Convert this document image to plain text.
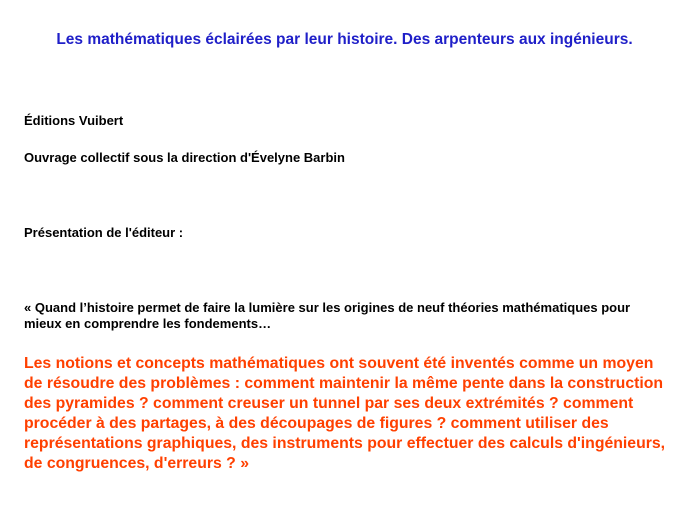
Les mathématiques éclairées par leur histoire. Des arpenteurs aux ingénieurs.

Éditions Vuibert

Ouvrage collectif sous la direction d'Évelyne Barbin

Présentation de l'éditeur :

« Quand l’histoire permet de faire la lumière sur les origines de neuf théories mathématiques pour mieux en comprendre les fondements…

Les notions et concepts mathématiques ont souvent été inventés comme un moyen de résoudre des problèmes : comment maintenir la même pente dans la construction des pyramides ? comment creuser un tunnel par ses deux extrémités ? comment procéder à des partages, à des découpages de figures ? comment utiliser des représentations graphiques, des instruments pour effectuer des calculs d'ingénieurs, de congruences, d'erreurs ? »
